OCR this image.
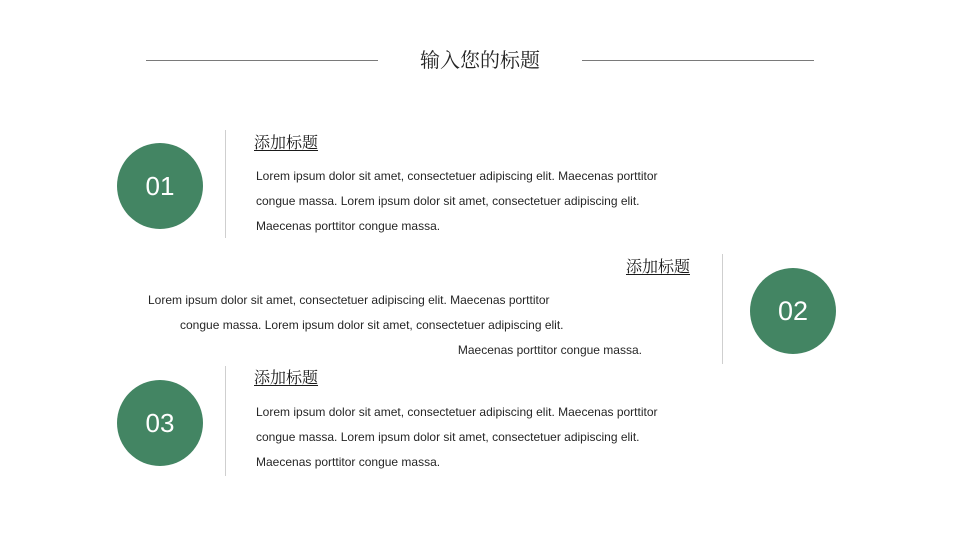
输入您的标题
01
添加标题
Lorem ipsum dolor sit amet, consectetuer adipiscing elit. Maecenas porttitor
congue massa. Lorem ipsum dolor sit amet, consectetuer adipiscing elit.
Maecenas porttitor congue massa.
添加标题
Lorem ipsum dolor sit amet, consectetuer adipiscing elit. Maecenas porttitor
congue massa. Lorem ipsum dolor sit amet, consectetuer adipiscing elit.
Maecenas porttitor congue massa.
02
03
添加标题
Lorem ipsum dolor sit amet, consectetuer adipiscing elit. Maecenas porttitor
congue massa. Lorem ipsum dolor sit amet, consectetuer adipiscing elit.
Maecenas porttitor congue massa.
